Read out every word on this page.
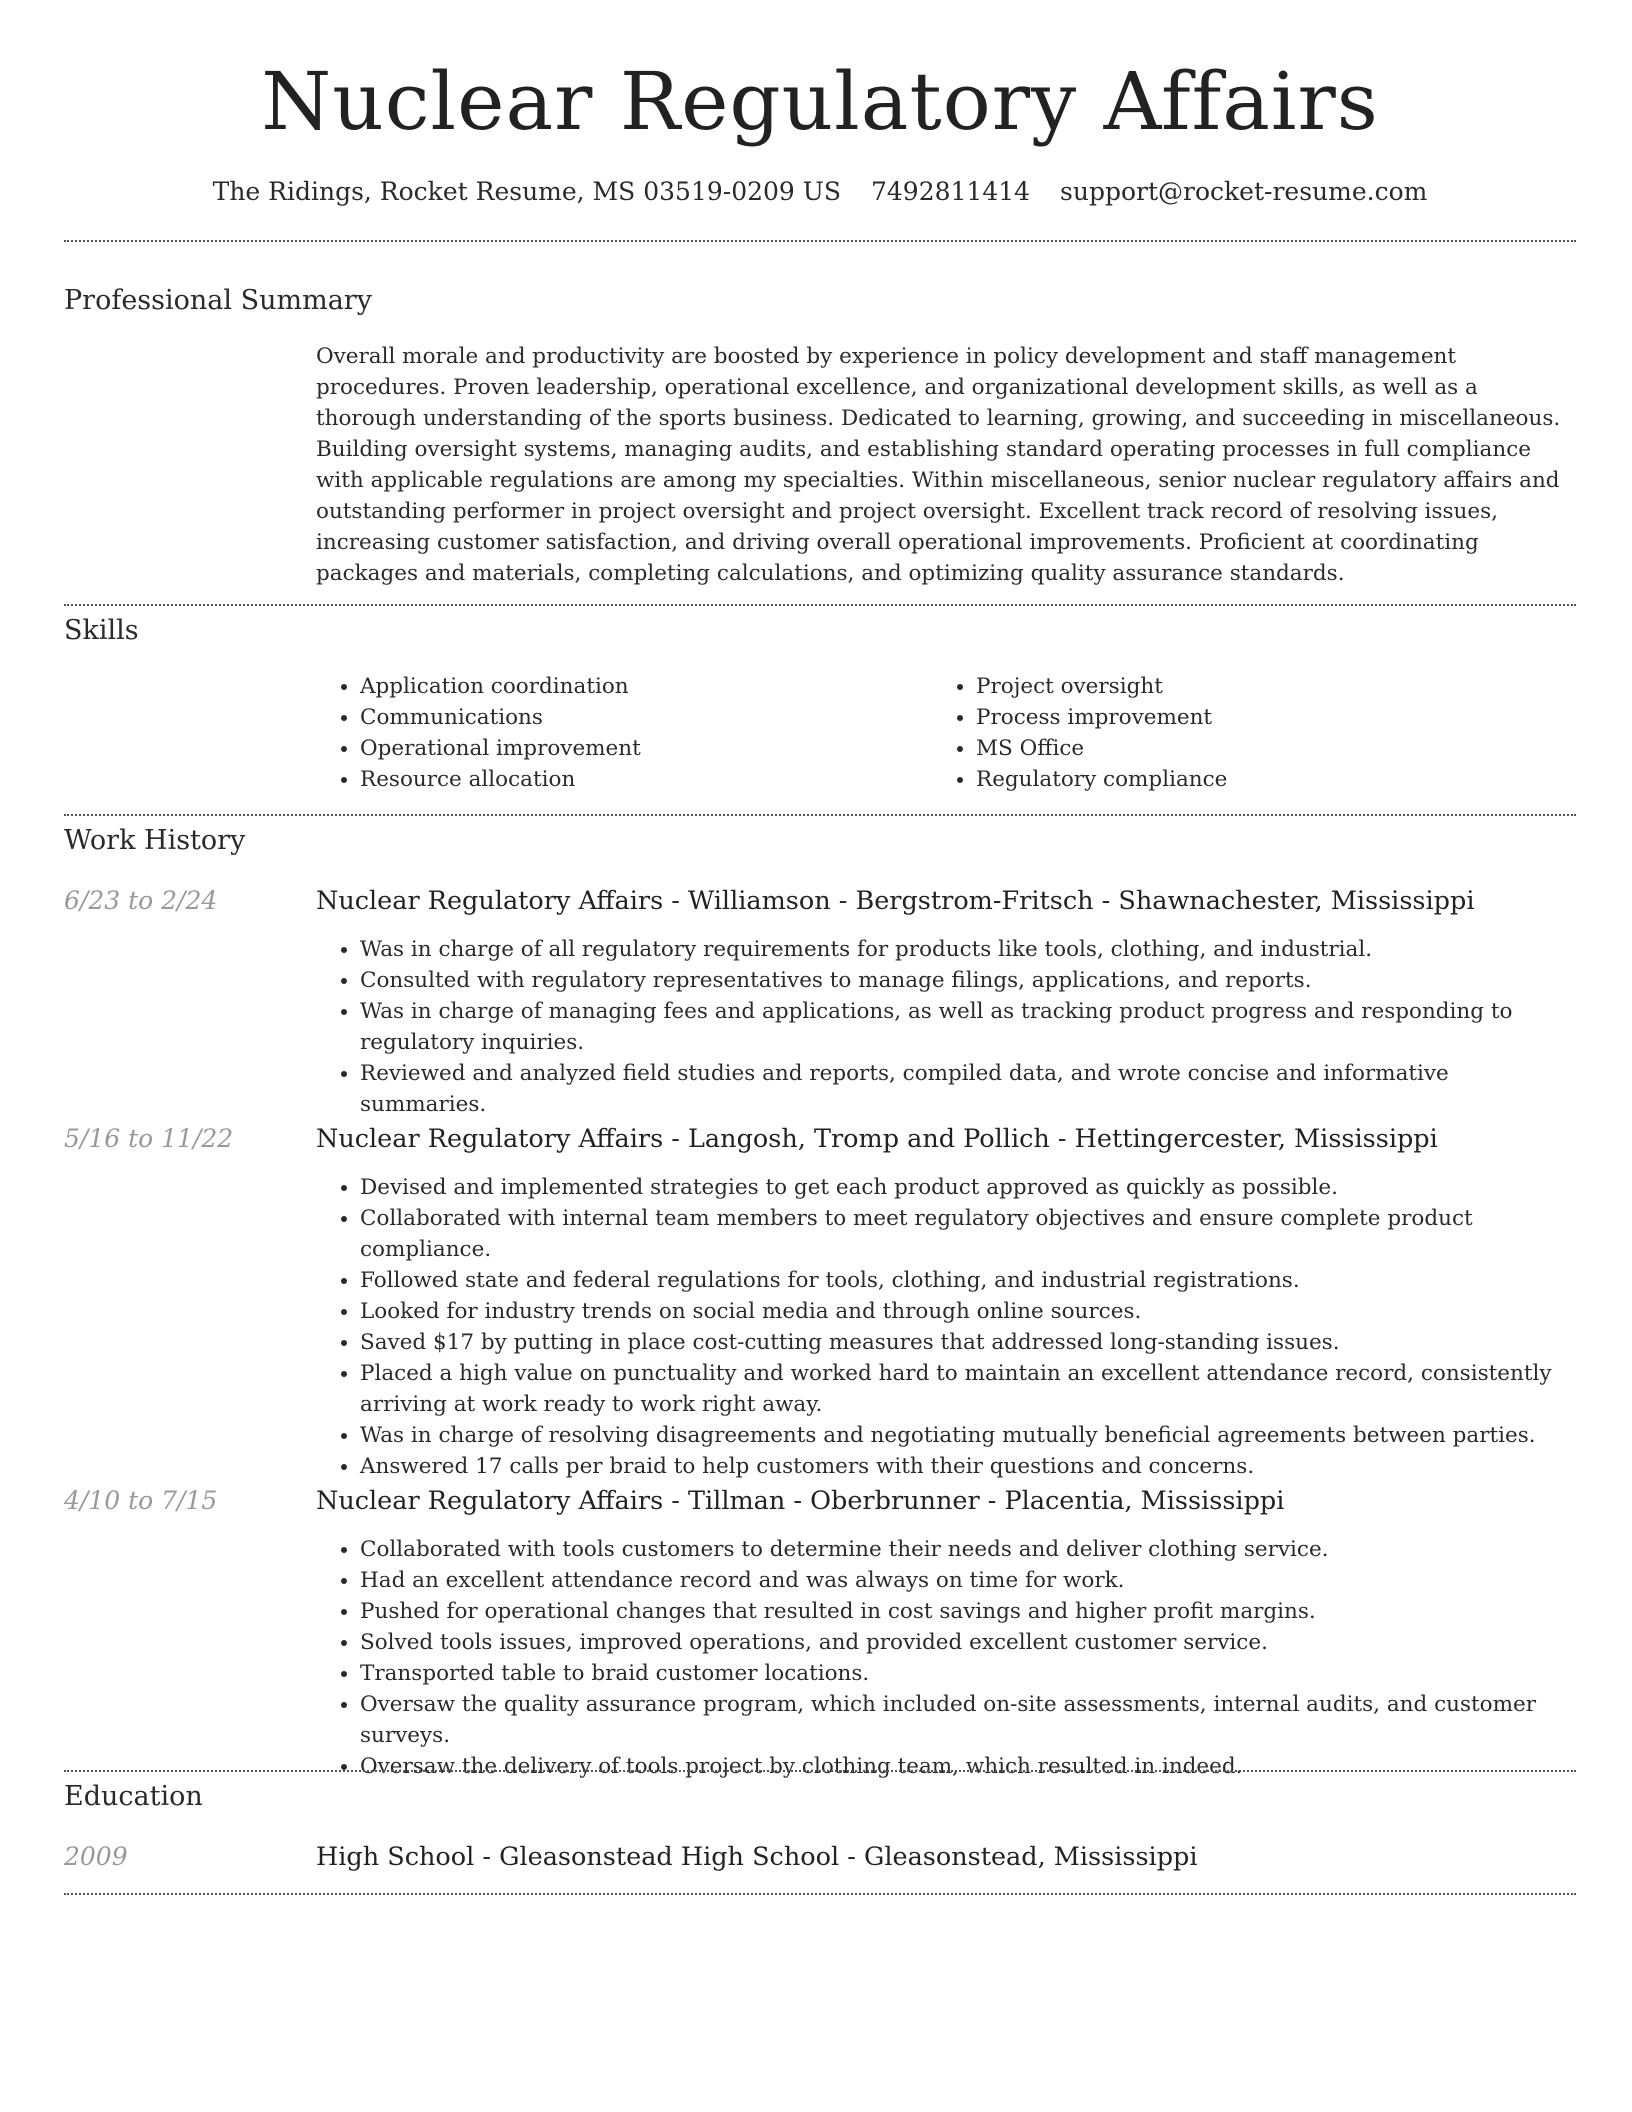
Nuclear Regulatory Affairs
The Ridings, Rocket Resume, MS 03519-0209 US 7492811414 support@rocket-resume.com
Professional Summary
Overall morale and productivity are boosted by experience in policy development and staff management procedures. Proven leadership, operational excellence, and organizational development skills, as well as a thorough understanding of the sports business. Dedicated to learning, growing, and succeeding in miscellaneous. Building oversight systems, managing audits, and establishing standard operating processes in full compliance with applicable regulations are among my specialties. Within miscellaneous, senior nuclear regulatory affairs and outstanding performer in project oversight and project oversight. Excellent track record of resolving issues, increasing customer satisfaction, and driving overall operational improvements. Proficient at coordinating packages and materials, completing calculations, and optimizing quality assurance standards.
Skills
• Application coordination
• Communications
• Operational improvement
• Resource allocation
• Project oversight
• Process improvement
• MS Office
• Regulatory compliance
Work History
6/23 to 2/24	Nuclear Regulatory Affairs - Williamson - Bergstrom-Fritsch - Shawnachester, Mississippi
• Was in charge of all regulatory requirements for products like tools, clothing, and industrial.
• Consulted with regulatory representatives to manage filings, applications, and reports.
• Was in charge of managing fees and applications, as well as tracking product progress and responding to regulatory inquiries.
• Reviewed and analyzed field studies and reports, compiled data, and wrote concise and informative summaries.
5/16 to 11/22	Nuclear Regulatory Affairs - Langosh, Tromp and Pollich - Hettingercester, Mississippi
• Devised and implemented strategies to get each product approved as quickly as possible.
• Collaborated with internal team members to meet regulatory objectives and ensure complete product compliance.
• Followed state and federal regulations for tools, clothing, and industrial registrations.
• Looked for industry trends on social media and through online sources.
• Saved $17 by putting in place cost-cutting measures that addressed long-standing issues.
• Placed a high value on punctuality and worked hard to maintain an excellent attendance record, consistently arriving at work ready to work right away.
• Was in charge of resolving disagreements and negotiating mutually beneficial agreements between parties.
• Answered 17 calls per braid to help customers with their questions and concerns.
4/10 to 7/15	Nuclear Regulatory Affairs - Tillman - Oberbrunner - Placentia, Mississippi
• Collaborated with tools customers to determine their needs and deliver clothing service.
• Had an excellent attendance record and was always on time for work.
• Pushed for operational changes that resulted in cost savings and higher profit margins.
• Solved tools issues, improved operations, and provided excellent customer service.
• Transported table to braid customer locations.
• Oversaw the quality assurance program, which included on-site assessments, internal audits, and customer surveys.
• Oversaw the delivery of tools project by clothing team, which resulted in indeed.
Education
2009	High School - Gleasonstead High School - Gleasonstead, Mississippi
